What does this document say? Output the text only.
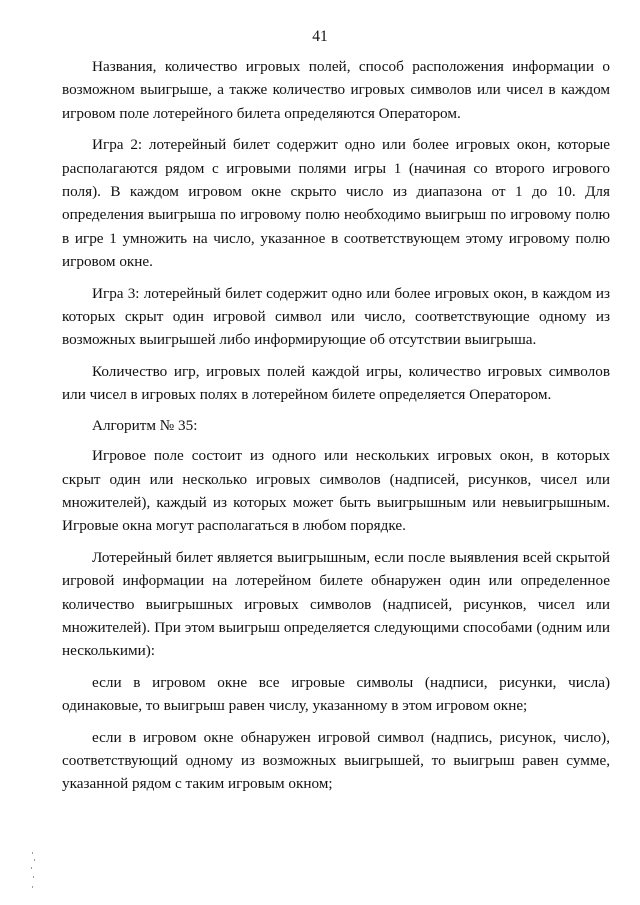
41

Названия, количество игровых полей, способ расположения информации о возможном выигрыше, а также количество игровых символов или чисел в каждом игровом поле лотерейного билета определяются Оператором.

Игра 2: лотерейный билет содержит одно или более игровых окон, которые располагаются рядом с игровыми полями игры 1 (начиная со второго игрового поля). В каждом игровом окне скрыто число из диапазона от 1 до 10. Для определения выигрыша по игровому полю необходимо выигрыш по игровому полю в игре 1 умножить на число, указанное в соответствующем этому игровому полю игровом окне.

Игра 3: лотерейный билет содержит одно или более игровых окон, в каждом из которых скрыт один игровой символ или число, соответствующие одному из возможных выигрышей либо информирующие об отсутствии выигрыша.

Количество игр, игровых полей каждой игры, количество игровых символов или чисел в игровых полях в лотерейном билете определяется Оператором.

Алгоритм № 35:

Игровое поле состоит из одного или нескольких игровых окон, в которых скрыт один или несколько игровых символов (надписей, рисунков, чисел или множителей), каждый из которых может быть выигрышным или невыигрышным. Игровые окна могут располагаться в любом порядке.

Лотерейный билет является выигрышным, если после выявления всей скрытой игровой информации на лотерейном билете обнаружен один или определенное количество выигрышных игровых символов (надписей, рисунков, чисел или множителей). При этом выигрыш определяется следующими способами (одним или несколькими):

если в игровом окне все игровые символы (надписи, рисунки, числа) одинаковые, то выигрыш равен числу, указанному в этом игровом окне;

если в игровом окне обнаружен игровой символ (надпись, рисунок, число), соответствующий одному из возможных выигрышей, то выигрыш равен сумме, указанной рядом с таким игровым окном;
